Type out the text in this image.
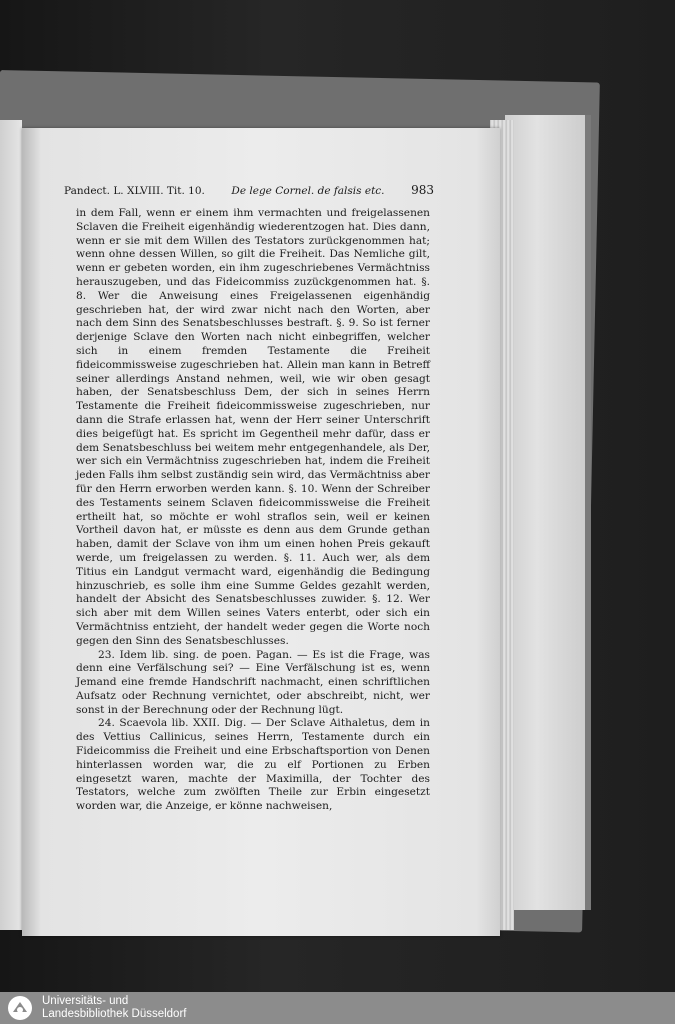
Pandect. L. XLVIII. Tit. 10.	De lege Cornel. de falsis etc. 983

in dem Fall, wenn er einem ihm vermachten und freigelassenen Sclaven die Freiheit eigenhändig wiederentzogen hat. Dies dann, wenn er sie mit dem Willen des Testators zurückgenommen hat; wenn ohne dessen Willen, so gilt die Freiheit. Das Nemliche gilt, wenn er gebeten worden, ein ihm zugeschriebenes Vermächtniss herauszugeben, und das Fideicommiss zuzückgenommen hat. §. 8. Wer die Anweisung eines Freigelassenen eigenhändig geschrieben hat, der wird zwar nicht nach den Worten, aber nach dem Sinn des Senatsbeschlusses bestraft. §. 9. So ist ferner derjenige Sclave den Worten nach nicht einbegriffen, welcher sich in einem fremden Testamente die Freiheit fideicommissweise zugeschrieben hat. Allein man kann in Betreff seiner allerdings Anstand nehmen, weil, wie wir oben gesagt haben, der Senatsbeschluss Dem, der sich in seines Herrn Testamente die Freiheit fideicommissweise zugeschrieben, nur dann die Strafe erlassen hat, wenn der Herr seiner Unterschrift dies beigefügt hat. Es spricht im Gegentheil mehr dafür, dass er dem Senatsbeschluss bei weitem mehr entgegenhandele, als Der, wer sich ein Vermächtniss zugeschrieben hat, indem die Freiheit jeden Falls ihm selbst zuständig sein wird, das Vermächtniss aber für den Herrn erworben werden kann. §. 10. Wenn der Schreiber des Testaments seinem Sclaven fideicommissweise die Freiheit ertheilt hat, so möchte er wohl straflos sein, weil er keinen Vortheil davon hat, er müsste es denn aus dem Grunde gethan haben, damit der Sclave von ihm um einen hohen Preis gekauft werde, um freigelassen zu werden. §. 11. Auch wer, als dem Titius ein Landgut vermacht ward, eigenhändig die Bedingung hinzuschrieb, es solle ihm eine Summe Geldes gezahlt werden, handelt der Absicht des Senatsbeschlusses zuwider. §. 12. Wer sich aber mit dem Willen seines Vaters enterbt, oder sich ein Vermächtniss entzieht, der handelt weder gegen die Worte noch gegen den Sinn des Senatsbeschlusses.

23. Idem lib. sing. de poen. Pagan. — Es ist die Frage, was denn eine Verfälschung sei? — Eine Verfälschung ist es, wenn Jemand eine fremde Handschrift nachmacht, einen schriftlichen Aufsatz oder Rechnung vernichtet, oder abschreibt, nicht, wer sonst in der Berechnung oder der Rechnung lügt.

24. Scaevola lib. XXII. Dig. — Der Sclave Aithaletus, dem in des Vettius Callinicus, seines Herrn, Testamente durch ein Fideicommiss die Freiheit und eine Erbschaftsportion von Denen hinterlassen worden war, die zu elf Portionen zu Erben eingesetzt waren, machte der Maximilla, der Tochter des Testators, welche zum zwölften Theile zur Erbin eingesetzt worden war, die Anzeige, er könne nachweisen,

Universitäts- und
Landesbibliothek Düsseldorf
